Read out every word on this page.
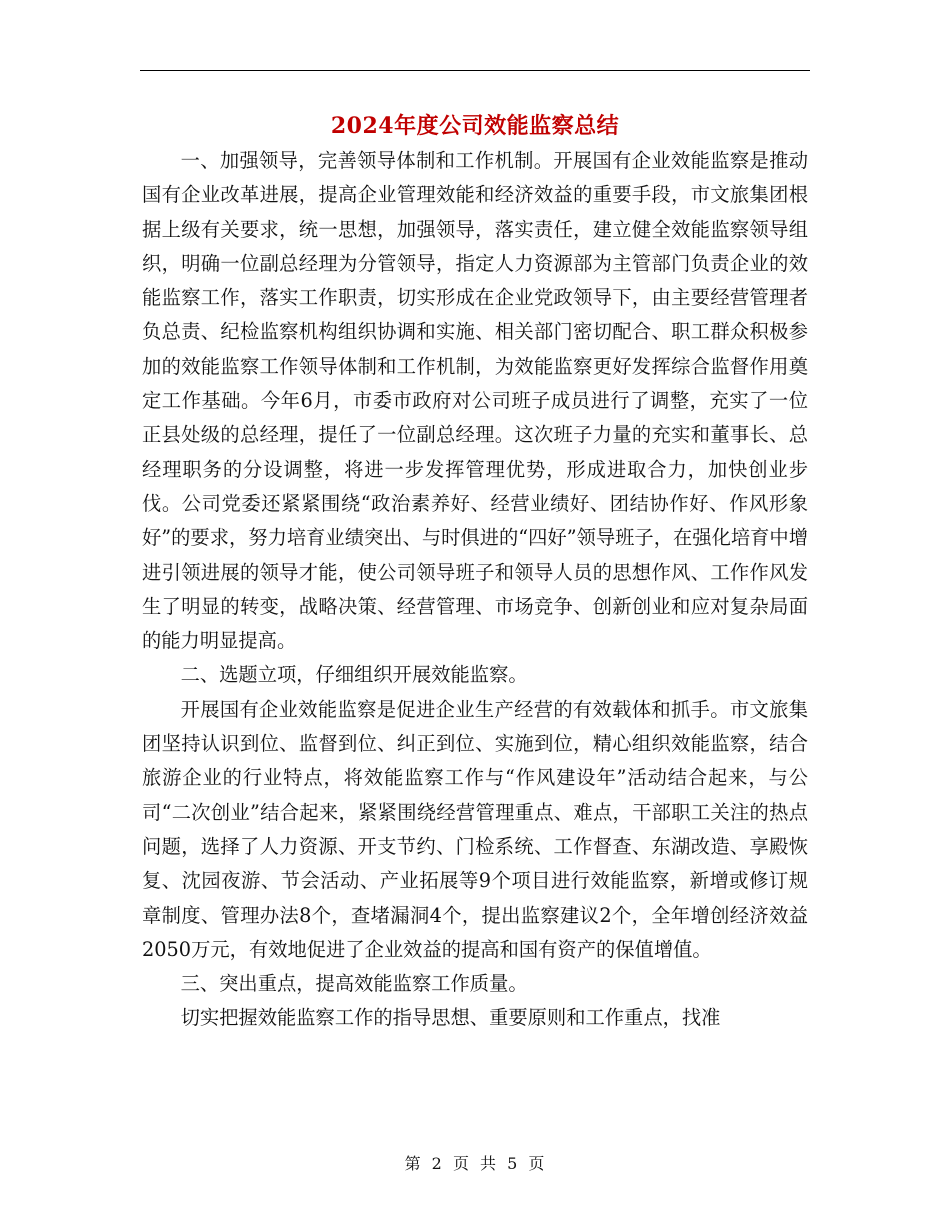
2024年度公司效能监察总结

一、加强领导，完善领导体制和工作机制。开展国有企业效能监察是推动国有企业改革进展，提高企业管理效能和经济效益的重要手段，市文旅集团根据上级有关要求，统一思想，加强领导，落实责任，建立健全效能监察领导组织，明确一位副总经理为分管领导，指定人力资源部为主管部门负责企业的效能监察工作，落实工作职责，切实形成在企业党政领导下，由主要经营管理者负总责、纪检监察机构组织协调和实施、相关部门密切配合、职工群众积极参加的效能监察工作领导体制和工作机制，为效能监察更好发挥综合监督作用奠定工作基础。今年6月，市委市政府对公司班子成员进行了调整，充实了一位正县处级的总经理，提任了一位副总经理。这次班子力量的充实和董事长、总经理职务的分设调整，将进一步发挥管理优势，形成进取合力，加快创业步伐。公司党委还紧紧围绕“政治素养好、经营业绩好、团结协作好、作风形象好”的要求，努力培育业绩突出、与时俱进的“四好”领导班子，在强化培育中增进引领进展的领导才能，使公司领导班子和领导人员的思想作风、工作作风发生了明显的转变，战略决策、经营管理、市场竞争、创新创业和应对复杂局面的能力明显提高。

二、选题立项，仔细组织开展效能监察。

开展国有企业效能监察是促进企业生产经营的有效载体和抓手。市文旅集团坚持认识到位、监督到位、纠正到位、实施到位，精心组织效能监察，结合旅游企业的行业特点，将效能监察工作与“作风建设年”活动结合起来，与公司“二次创业”结合起来，紧紧围绕经营管理重点、难点，干部职工关注的热点问题，选择了人力资源、开支节约、门检系统、工作督查、东湖改造、享殿恢复、沈园夜游、节会活动、产业拓展等9个项目进行效能监察，新增或修订规章制度、管理办法8个，查堵漏洞4个，提出监察建议2个，全年增创经济效益2050万元，有效地促进了企业效益的提高和国有资产的保值增值。

三、突出重点，提高效能监察工作质量。

切实把握效能监察工作的指导思想、重要原则和工作重点，找准

第 2 页 共 5 页
